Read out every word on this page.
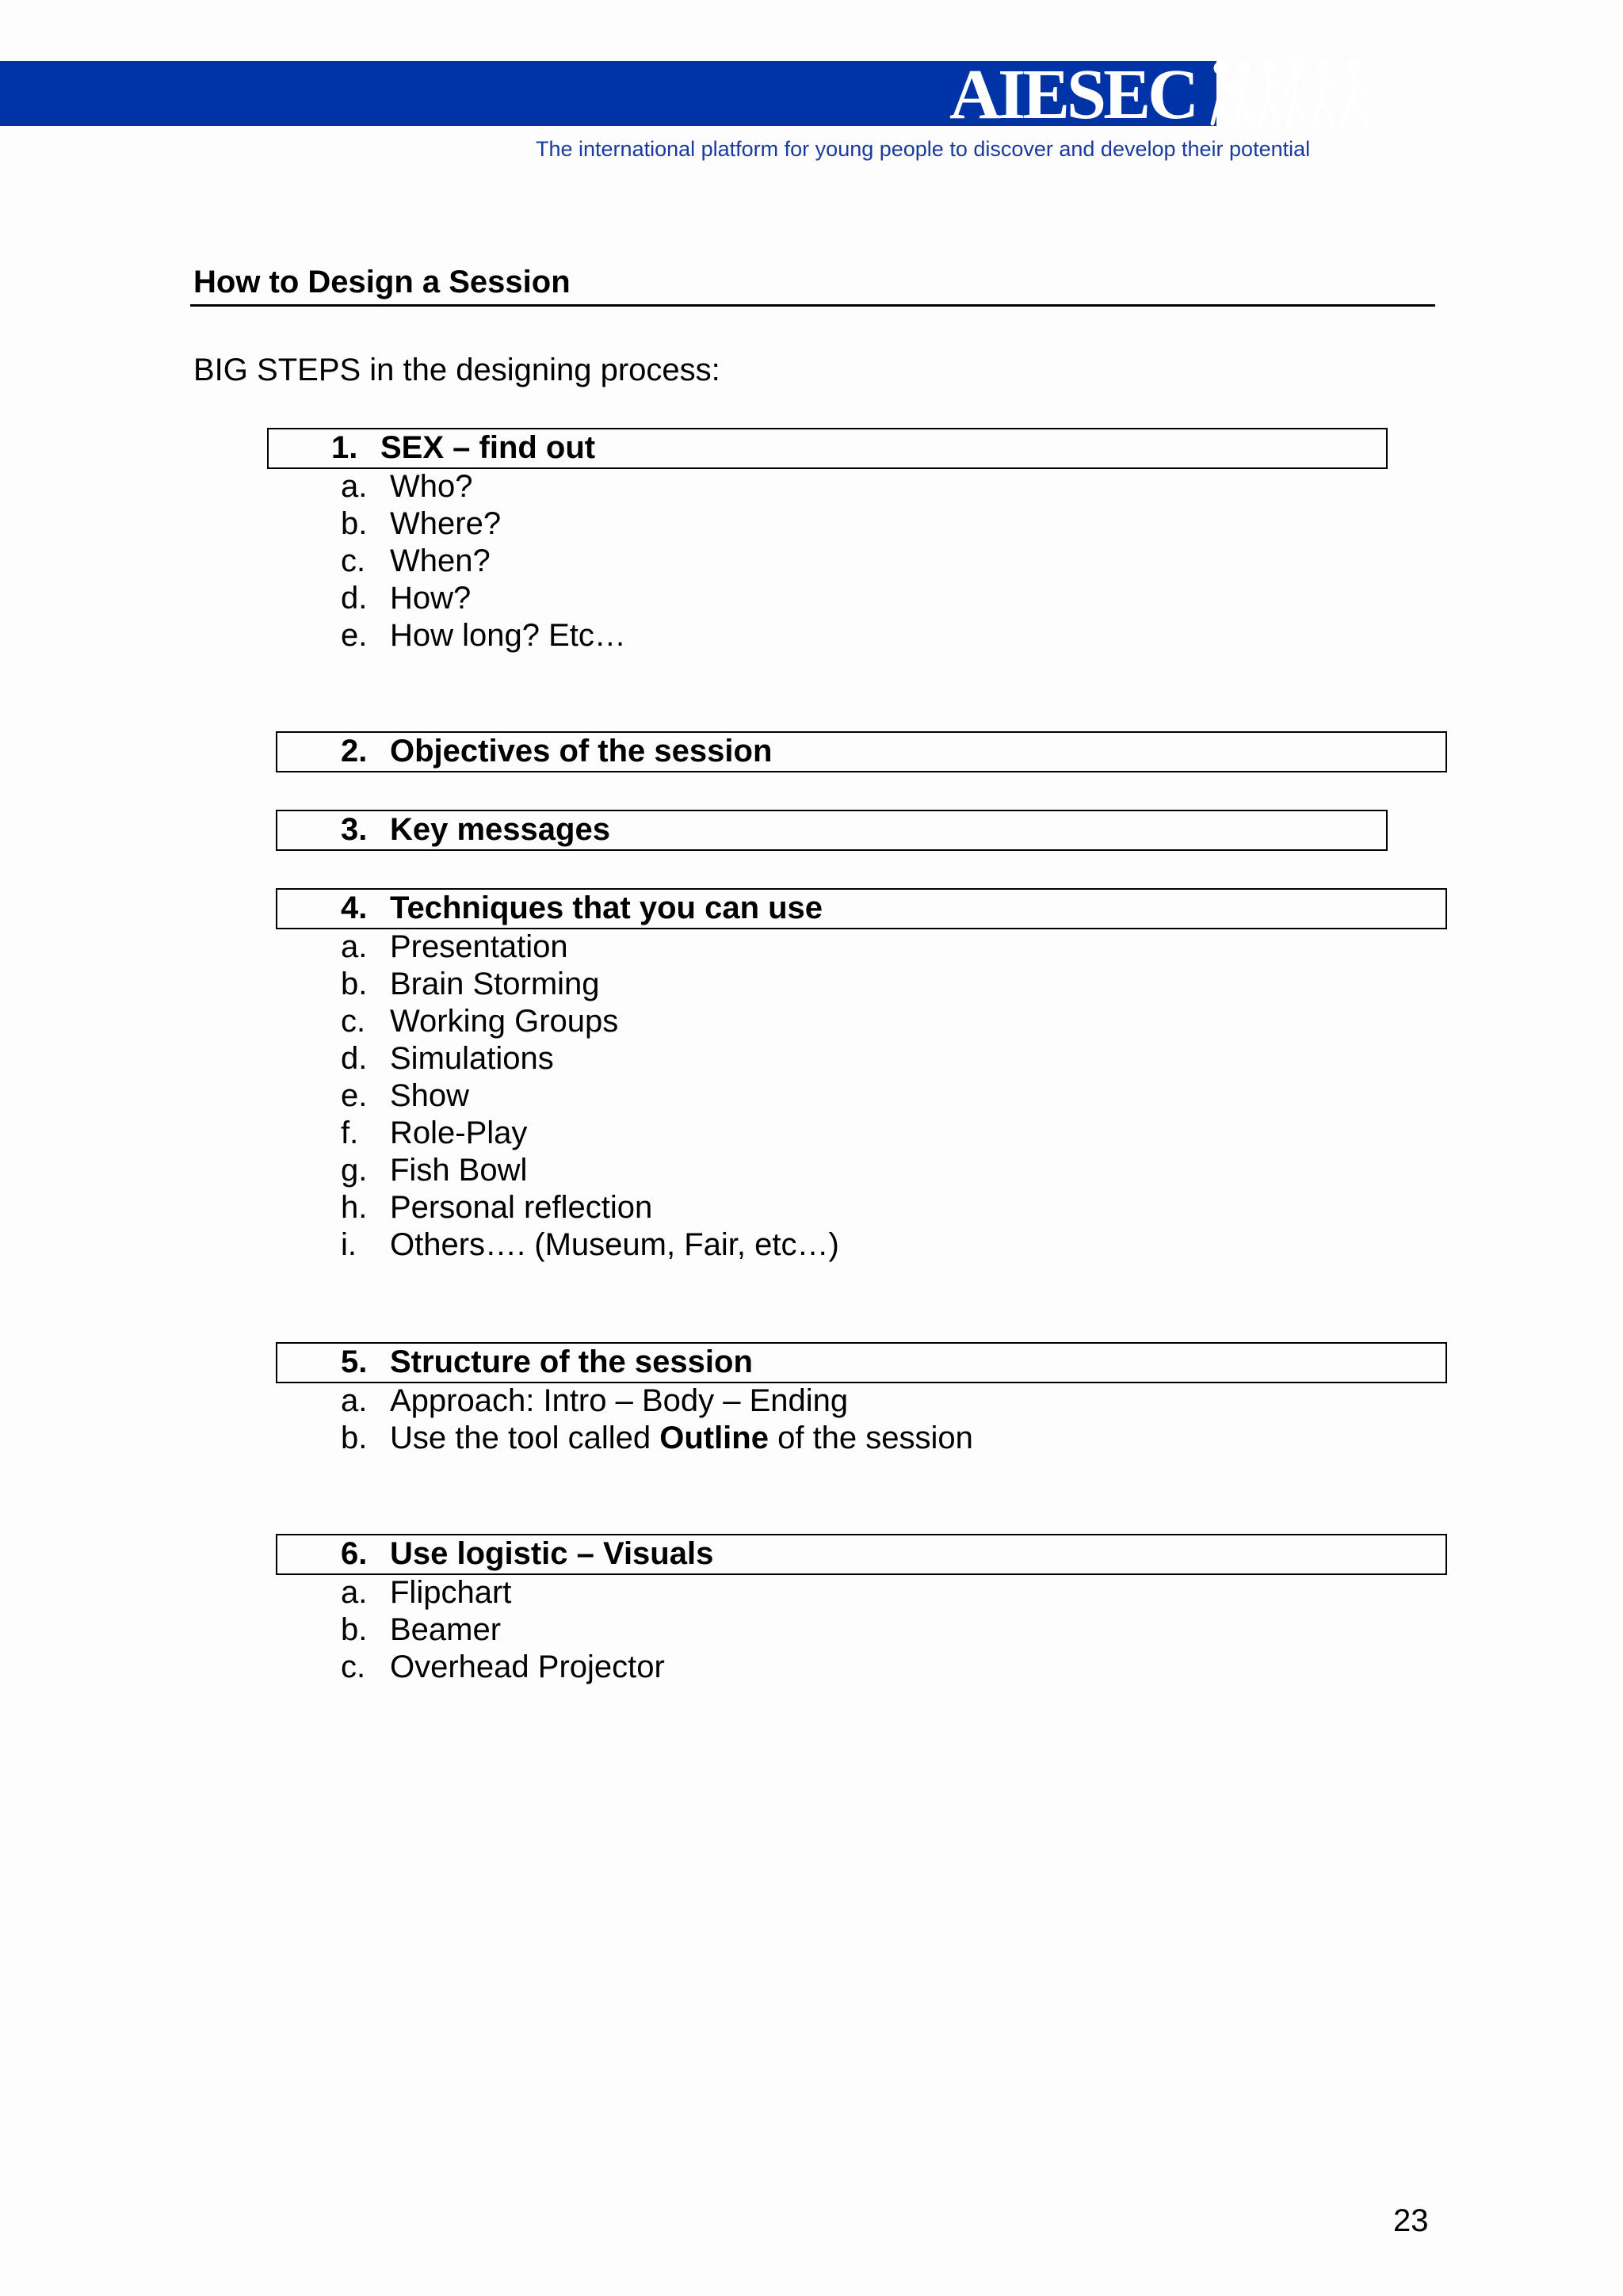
AIESEC
The international platform for young people to discover and develop their potential
How to Design a Session
BIG STEPS in the designing process:
1. SEX – find out
a. Who?
b. Where?
c. When?
d. How?
e. How long? Etc…
2. Objectives of the session
3. Key messages
4. Techniques that you can use
a. Presentation
b. Brain Storming
c. Working Groups
d. Simulations
e. Show
f. Role-Play
g. Fish Bowl
h. Personal reflection
i. Others…. (Museum, Fair, etc…)
5. Structure of the session
a. Approach: Intro – Body – Ending
b. Use the tool called Outline of the session
6. Use logistic – Visuals
a. Flipchart
b. Beamer
c. Overhead Projector
23
